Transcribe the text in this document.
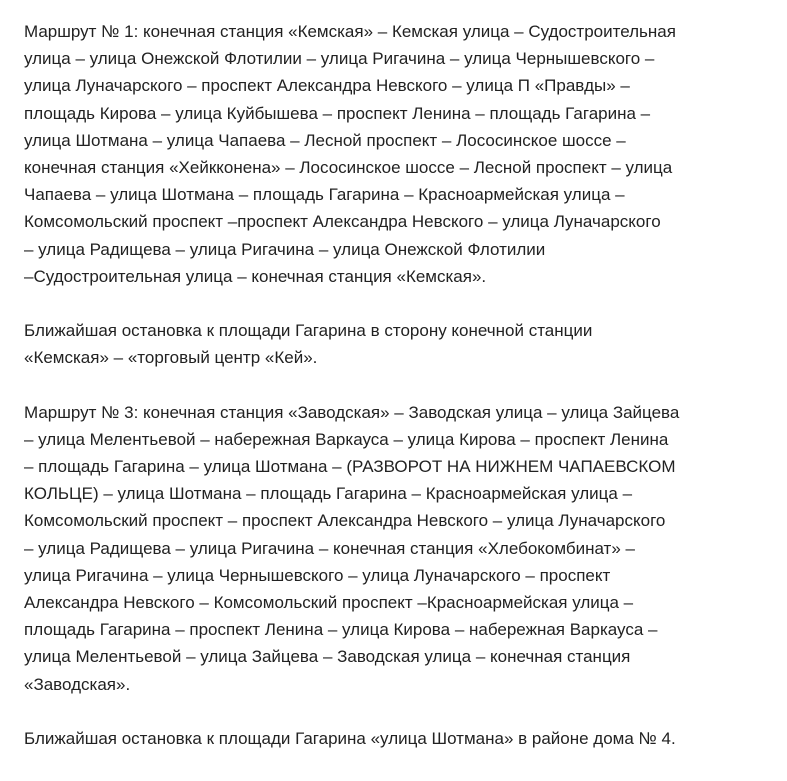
Маршрут № 1: конечная станция «Кемская» – Кемская улица – Судостроительная
улица – улица Онежской Флотилии – улица Ригачина – улица Чернышевского –
улица Луначарского – проспект Александра Невского – улица П «Правды» –
площадь Кирова – улица Куйбышева – проспект Ленина – площадь Гагарина –
улица Шотмана – улица Чапаева – Лесной проспект – Лососинское шоссе –
конечная станция «Хейкконена» – Лососинское шоссе – Лесной проспект – улица
Чапаева – улица Шотмана – площадь Гагарина – Красноармейская улица –
Комсомольский проспект –проспект Александра Невского – улица Луначарского
– улица Радищева – улица Ригачина – улица Онежской Флотилии
–Судостроительная улица – конечная станция «Кемская».
Ближайшая остановка к площади Гагарина в сторону конечной станции
«Кемская» – «торговый центр «Кей».
Маршрут № 3: конечная станция «Заводская» – Заводская улица – улица Зайцева
– улица Мелентьевой – набережная Варкауса – улица Кирова – проспект Ленина
– площадь Гагарина – улица Шотмана – (РАЗВОРОТ НА НИЖНЕМ ЧАПАЕВСКОМ
КОЛЬЦЕ) – улица Шотмана – площадь Гагарина – Красноармейская улица –
Комсомольский проспект – проспект Александра Невского – улица Луначарского
– улица Радищева – улица Ригачина – конечная станция «Хлебокомбинат» –
улица Ригачина – улица Чернышевского – улица Луначарского – проспект
Александра Невского – Комсомольский проспект –Красноармейская улица –
площадь Гагарина – проспект Ленина – улица Кирова – набережная Варкауса –
улица Мелентьевой – улица Зайцева – Заводская улица – конечная станция
«Заводская».
Ближайшая остановка к площади Гагарина «улица Шотмана» в районе дома № 4.
